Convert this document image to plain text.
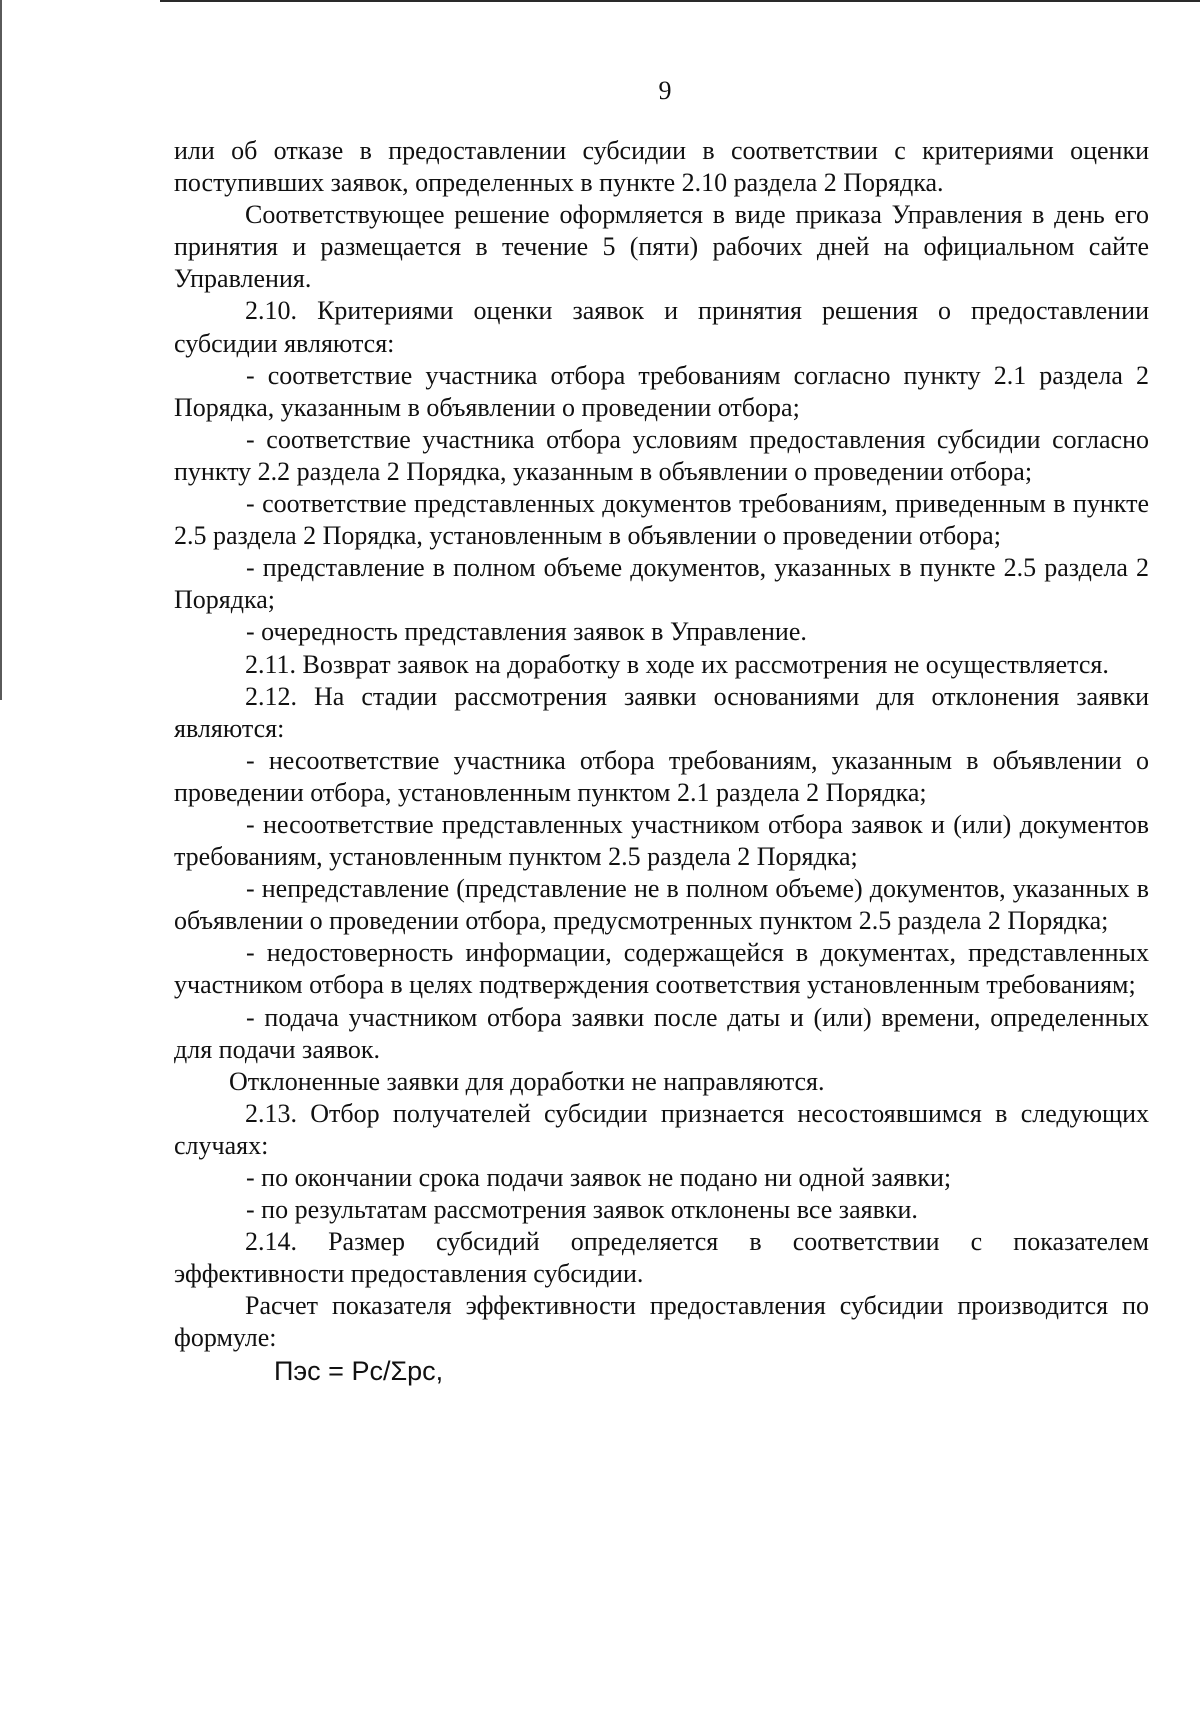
9

или об отказе в предоставлении субсидии в соответствии с критериями оценки поступивших заявок, определенных в пункте 2.10 раздела 2 Порядка.

Соответствующее решение оформляется в виде приказа Управления в день его принятия и размещается в течение 5 (пяти) рабочих дней на официальном сайте Управления.

2.10. Критериями оценки заявок и принятия решения о предоставлении субсидии являются:

- соответствие участника отбора требованиям согласно пункту 2.1 раздела 2 Порядка, указанным в объявлении о проведении отбора;

- соответствие участника отбора условиям предоставления субсидии согласно пункту 2.2 раздела 2 Порядка, указанным в объявлении о проведении отбора;

- соответствие представленных документов требованиям, приведенным в пункте 2.5 раздела 2 Порядка, установленным в объявлении о проведении отбора;

- представление в полном объеме документов, указанных в пункте 2.5 раздела 2 Порядка;

- очередность представления заявок в Управление.

2.11. Возврат заявок на доработку в ходе их рассмотрения не осуществляется.

2.12. На стадии рассмотрения заявки основаниями для отклонения заявки являются:

- несоответствие участника отбора требованиям, указанным в объявлении о проведении отбора, установленным пунктом 2.1 раздела 2 Порядка;

- несоответствие представленных участником отбора заявок и (или) документов требованиям, установленным пунктом 2.5 раздела 2 Порядка;

- непредставление (представление не в полном объеме) документов, указанных в объявлении о проведении отбора, предусмотренных пунктом 2.5 раздела 2 Порядка;

- недостоверность информации, содержащейся в документах, представленных участником отбора в целях подтверждения соответствия установленным требованиям;

- подача участником отбора заявки после даты и (или) времени, определенных для подачи заявок.

Отклоненные заявки для доработки не направляются.

2.13. Отбор получателей субсидии признается несостоявшимся в следующих случаях:

- по окончании срока подачи заявок не подано ни одной заявки;

- по результатам рассмотрения заявок отклонены все заявки.

2.14. Размер субсидий определяется в соответствии с показателем эффективности предоставления субсидии.

Расчет показателя эффективности предоставления субсидии производится по формуле:

Пэс = Рс/Σрс,
